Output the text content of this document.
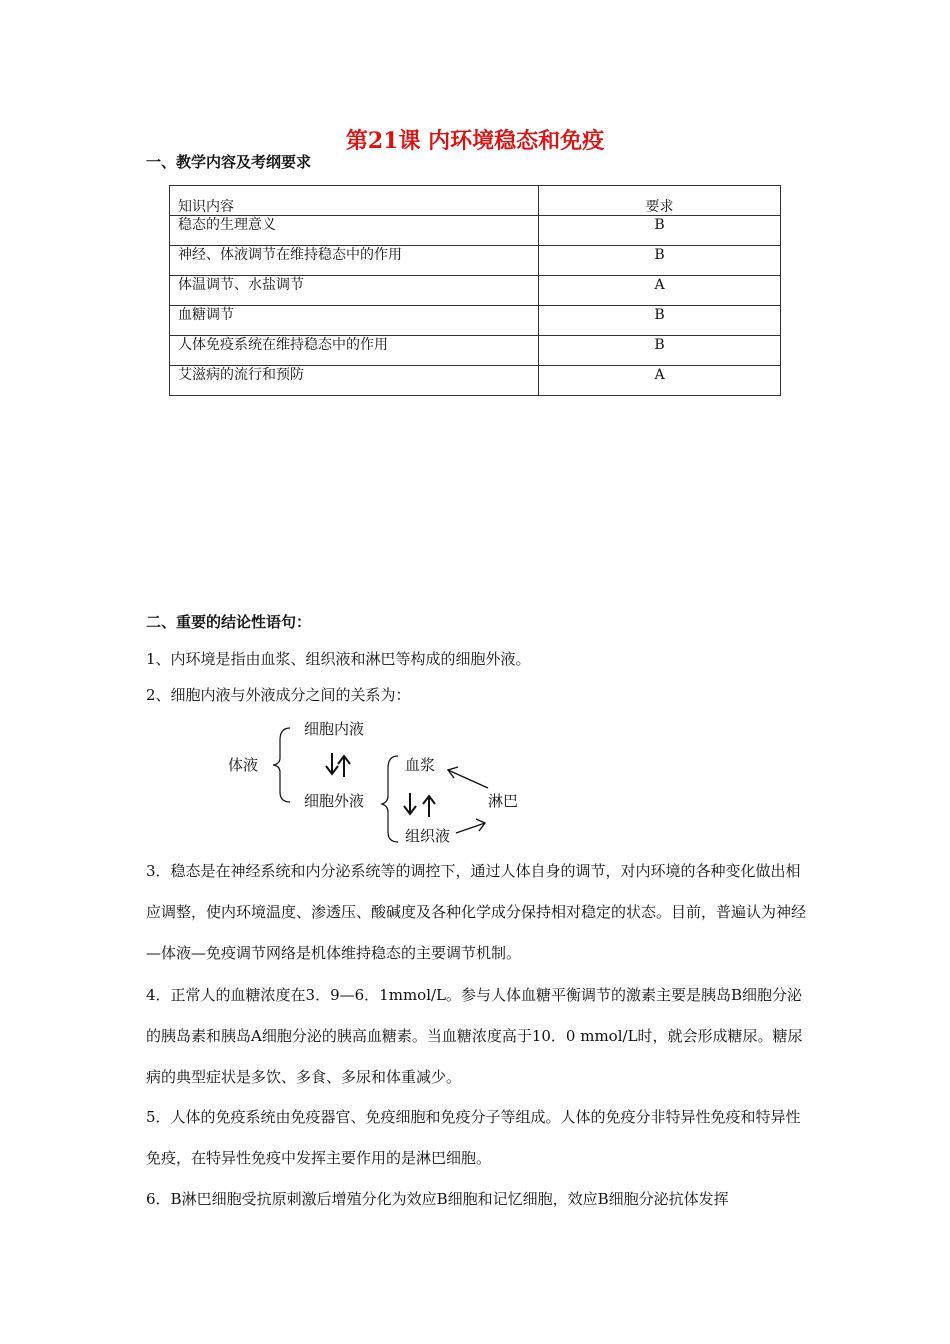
第21课 内环境稳态和免疫
一、教学内容及考纲要求
知识内容	要求
稳态的生理意义	B
神经、体液调节在维持稳态中的作用	B
体温调节、水盐调节	A
血糖调节	B
人体免疫系统在维持稳态中的作用	B
艾滋病的流行和预防	A
二、重要的结论性语句：

1、内环境是指由血浆、组织液和淋巴等构成的细胞外液。

2、细胞内液与外液成分之间的关系为：

体液
细胞内液
细胞外液
血浆
组织液
淋巴

3．稳态是在神经系统和内分泌系统等的调控下，通过人体自身的调节，对内环境的各种变化做出相应调整，使内环境温度、渗透压、酸碱度及各种化学成分保持相对稳定的状态。目前，普遍认为神经—体液—免疫调节网络是机体维持稳态的主要调节机制。

4．正常人的血糖浓度在3．9—6．1mmol/L。参与人体血糖平衡调节的激素主要是胰岛B细胞分泌的胰岛素和胰岛A细胞分泌的胰高血糖素。当血糖浓度高于10．0 mmol/L时，就会形成糖尿。糖尿病的典型症状是多饮、多食、多尿和体重减少。

5．人体的免疫系统由免疫器官、免疫细胞和免疫分子等组成。人体的免疫分非特异性免疫和特异性免疫，在特异性免疫中发挥主要作用的是淋巴细胞。

6．B淋巴细胞受抗原刺激后增殖分化为效应B细胞和记忆细胞，效应B细胞分泌抗体发挥
